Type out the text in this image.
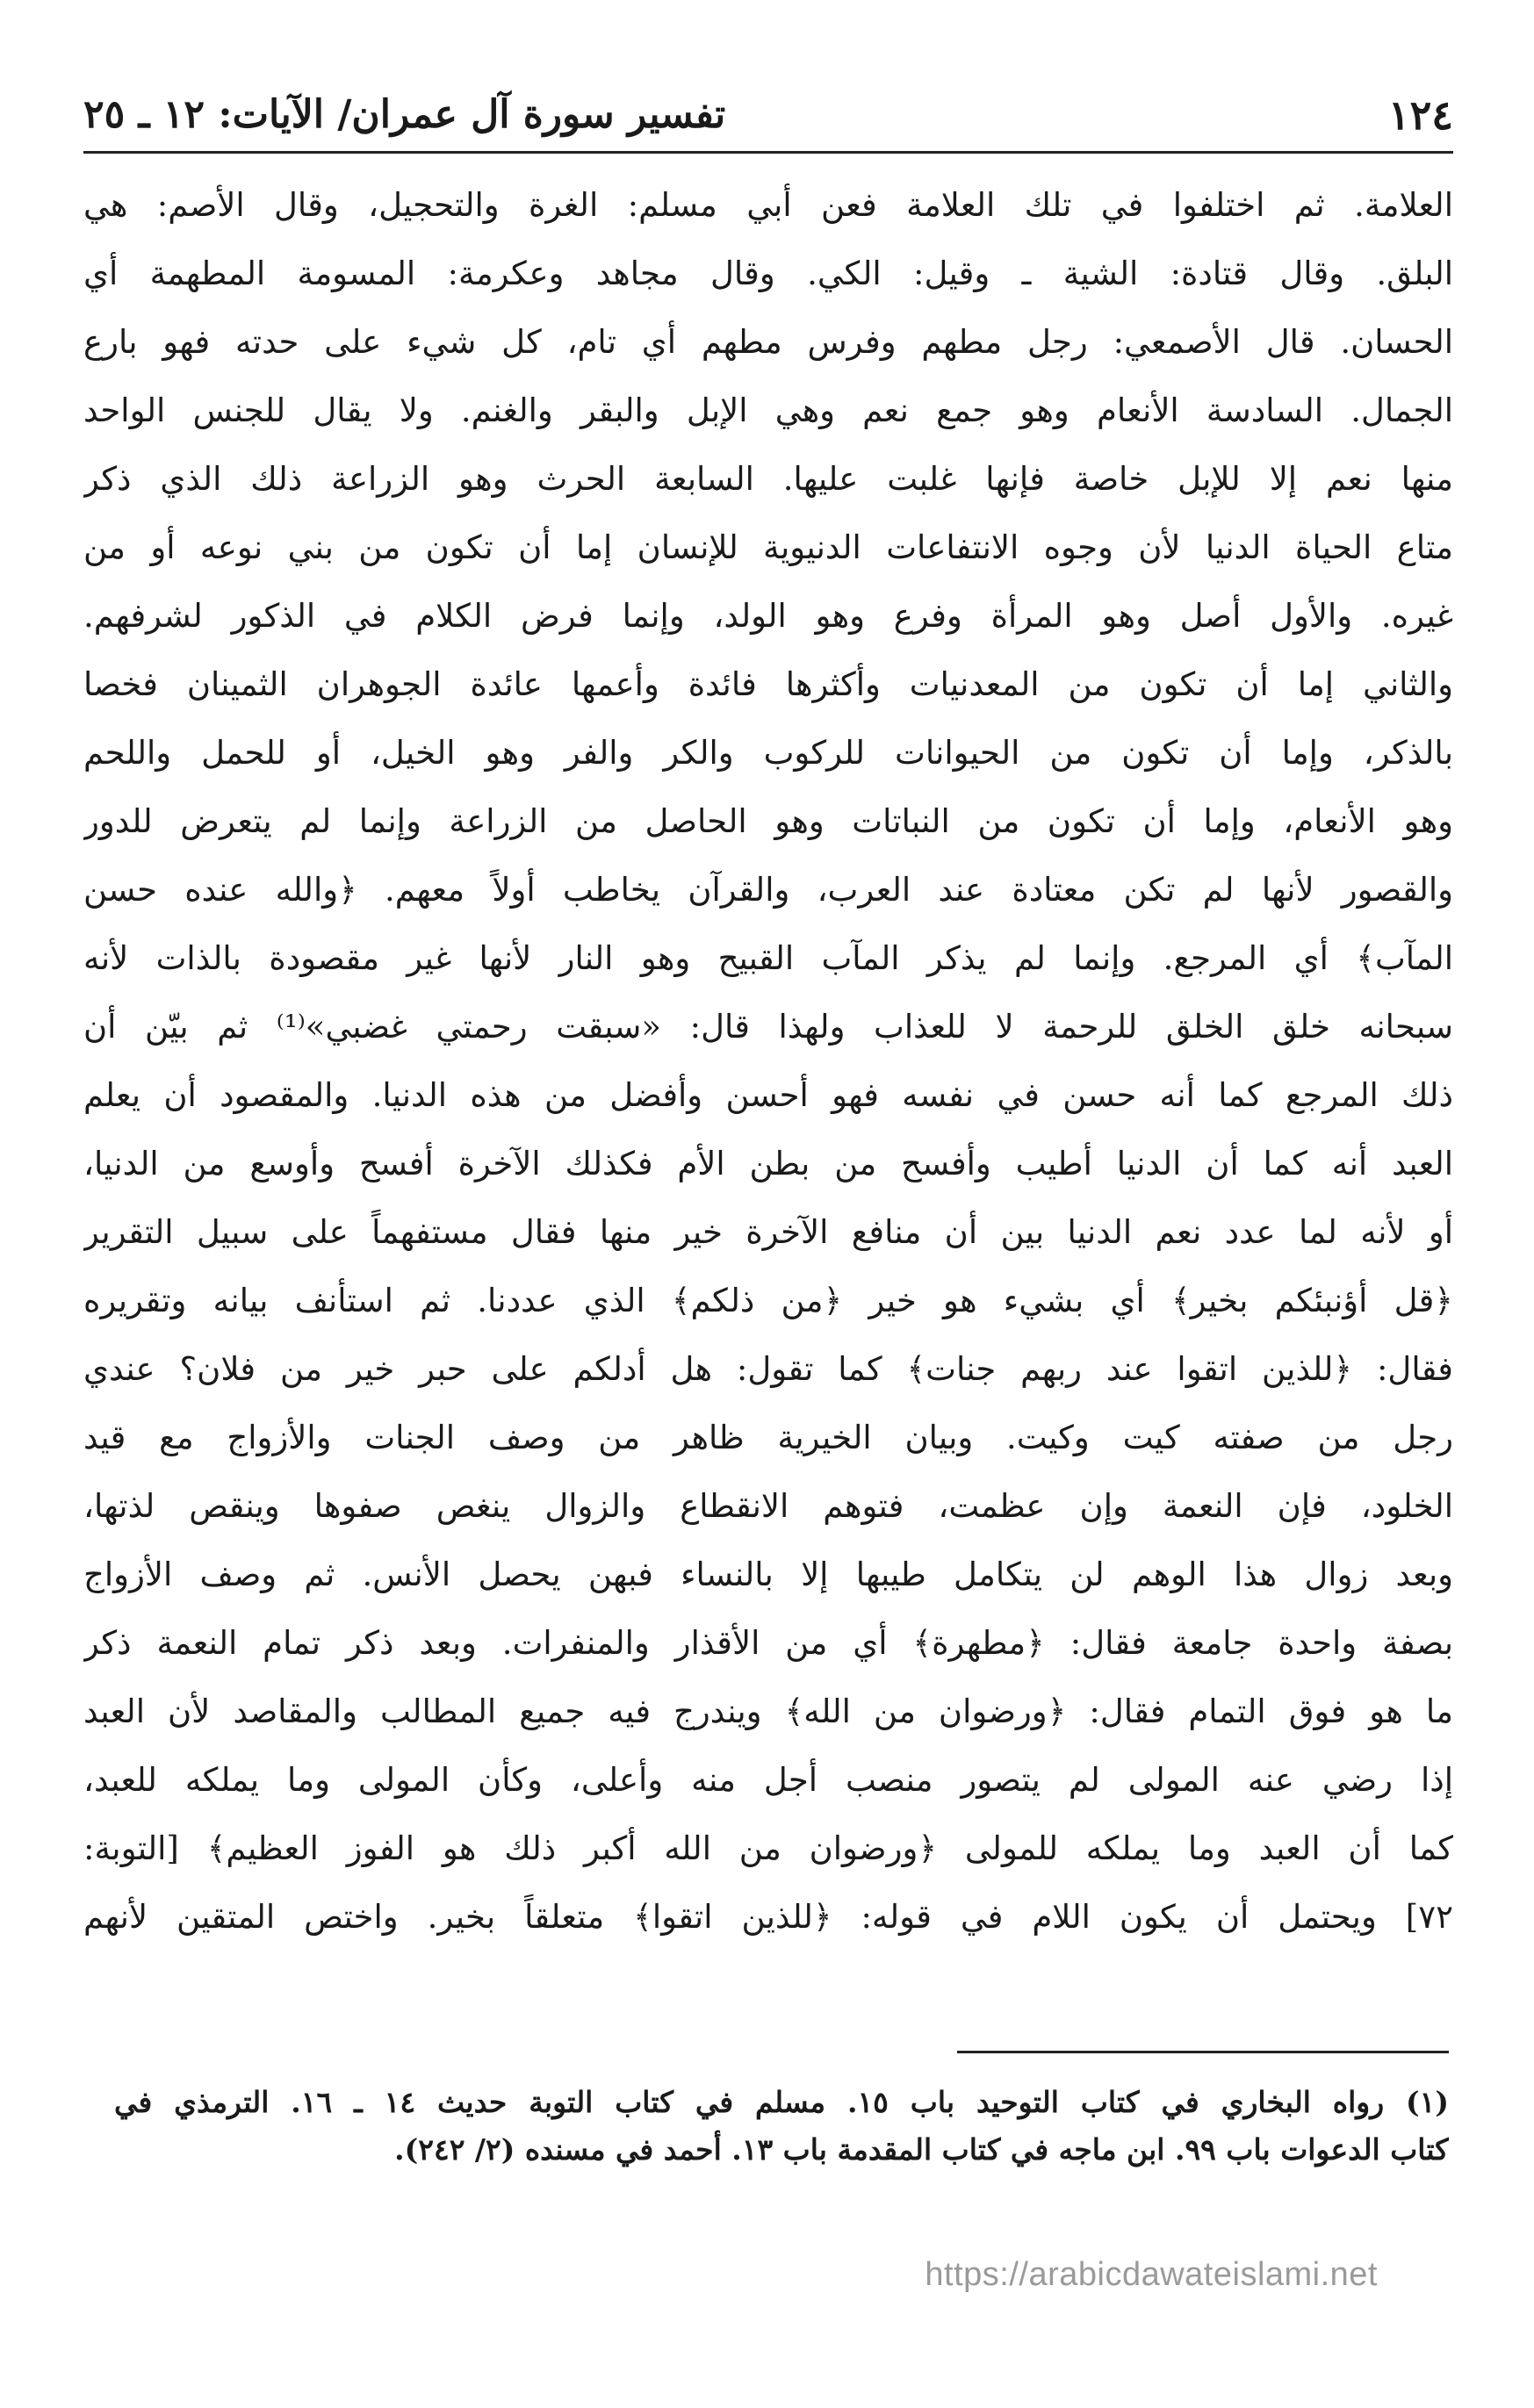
١٢٤
تفسير سورة آل عمران/ الآيات: ١٢ ـ ٢٥
العلامة. ثم اختلفوا في تلك العلامة فعن أبي مسلم: الغرة والتحجيل، وقال الأصم: هي
البلق. وقال قتادة: الشية ـ وقيل: الكي. وقال مجاهد وعكرمة: المسومة المطهمة أي
الحسان. قال الأصمعي: رجل مطهم وفرس مطهم أي تام، كل شيء على حدته فهو بارع
الجمال. السادسة الأنعام وهو جمع نعم وهي الإبل والبقر والغنم. ولا يقال للجنس الواحد
منها نعم إلا للإبل خاصة فإنها غلبت عليها. السابعة الحرث وهو الزراعة ذلك الذي ذكر
متاع الحياة الدنيا لأن وجوه الانتفاعات الدنيوية للإنسان إما أن تكون من بني نوعه أو من
غيره. والأول أصل وهو المرأة وفرع وهو الولد، وإنما فرض الكلام في الذكور لشرفهم.
والثاني إما أن تكون من المعدنيات وأكثرها فائدة وأعمها عائدة الجوهران الثمينان فخصا
بالذكر، وإما أن تكون من الحيوانات للركوب والكر والفر وهو الخيل، أو للحمل واللحم
وهو الأنعام، وإما أن تكون من النباتات وهو الحاصل من الزراعة وإنما لم يتعرض للدور
والقصور لأنها لم تكن معتادة عند العرب، والقرآن يخاطب أولاً معهم. ﴿والله عنده حسن
المآب﴾ أي المرجع. وإنما لم يذكر المآب القبيح وهو النار لأنها غير مقصودة بالذات لأنه
سبحانه خلق الخلق للرحمة لا للعذاب ولهذا قال: «سبقت رحمتي غضبي»⁽¹⁾ ثم بيّن أن
ذلك المرجع كما أنه حسن في نفسه فهو أحسن وأفضل من هذه الدنيا. والمقصود أن يعلم
العبد أنه كما أن الدنيا أطيب وأفسح من بطن الأم فكذلك الآخرة أفسح وأوسع من الدنيا،
أو لأنه لما عدد نعم الدنيا بين أن منافع الآخرة خير منها فقال مستفهماً على سبيل التقرير
﴿قل أؤنبئكم بخير﴾ أي بشيء هو خير ﴿من ذلكم﴾ الذي عددنا. ثم استأنف بيانه وتقريره
فقال: ﴿للذين اتقوا عند ربهم جنات﴾ كما تقول: هل أدلكم على حبر خير من فلان؟ عندي
رجل من صفته كيت وكيت. وبيان الخيرية ظاهر من وصف الجنات والأزواج مع قيد
الخلود، فإن النعمة وإن عظمت، فتوهم الانقطاع والزوال ينغص صفوها وينقص لذتها،
وبعد زوال هذا الوهم لن يتكامل طيبها إلا بالنساء فبهن يحصل الأنس. ثم وصف الأزواج
بصفة واحدة جامعة فقال: ﴿مطهرة﴾ أي من الأقذار والمنفرات. وبعد ذكر تمام النعمة ذكر
ما هو فوق التمام فقال: ﴿ورضوان من الله﴾ ويندرج فيه جميع المطالب والمقاصد لأن العبد
إذا رضي عنه المولى لم يتصور منصب أجل منه وأعلى، وكأن المولى وما يملكه للعبد،
كما أن العبد وما يملكه للمولى ﴿ورضوان من الله أكبر ذلك هو الفوز العظيم﴾ [التوبة:
٧٢] ويحتمل أن يكون اللام في قوله: ﴿للذين اتقوا﴾ متعلقاً بخير. واختص المتقين لأنهم
(١) رواه البخاري في كتاب التوحيد باب ١٥. مسلم في كتاب التوبة حديث ١٤ ـ ١٦. الترمذي في
كتاب الدعوات باب ٩٩. ابن ماجه في كتاب المقدمة باب ١٣. أحمد في مسنده (٢/ ٢٤٢).
https://arabicdawateislami.net
